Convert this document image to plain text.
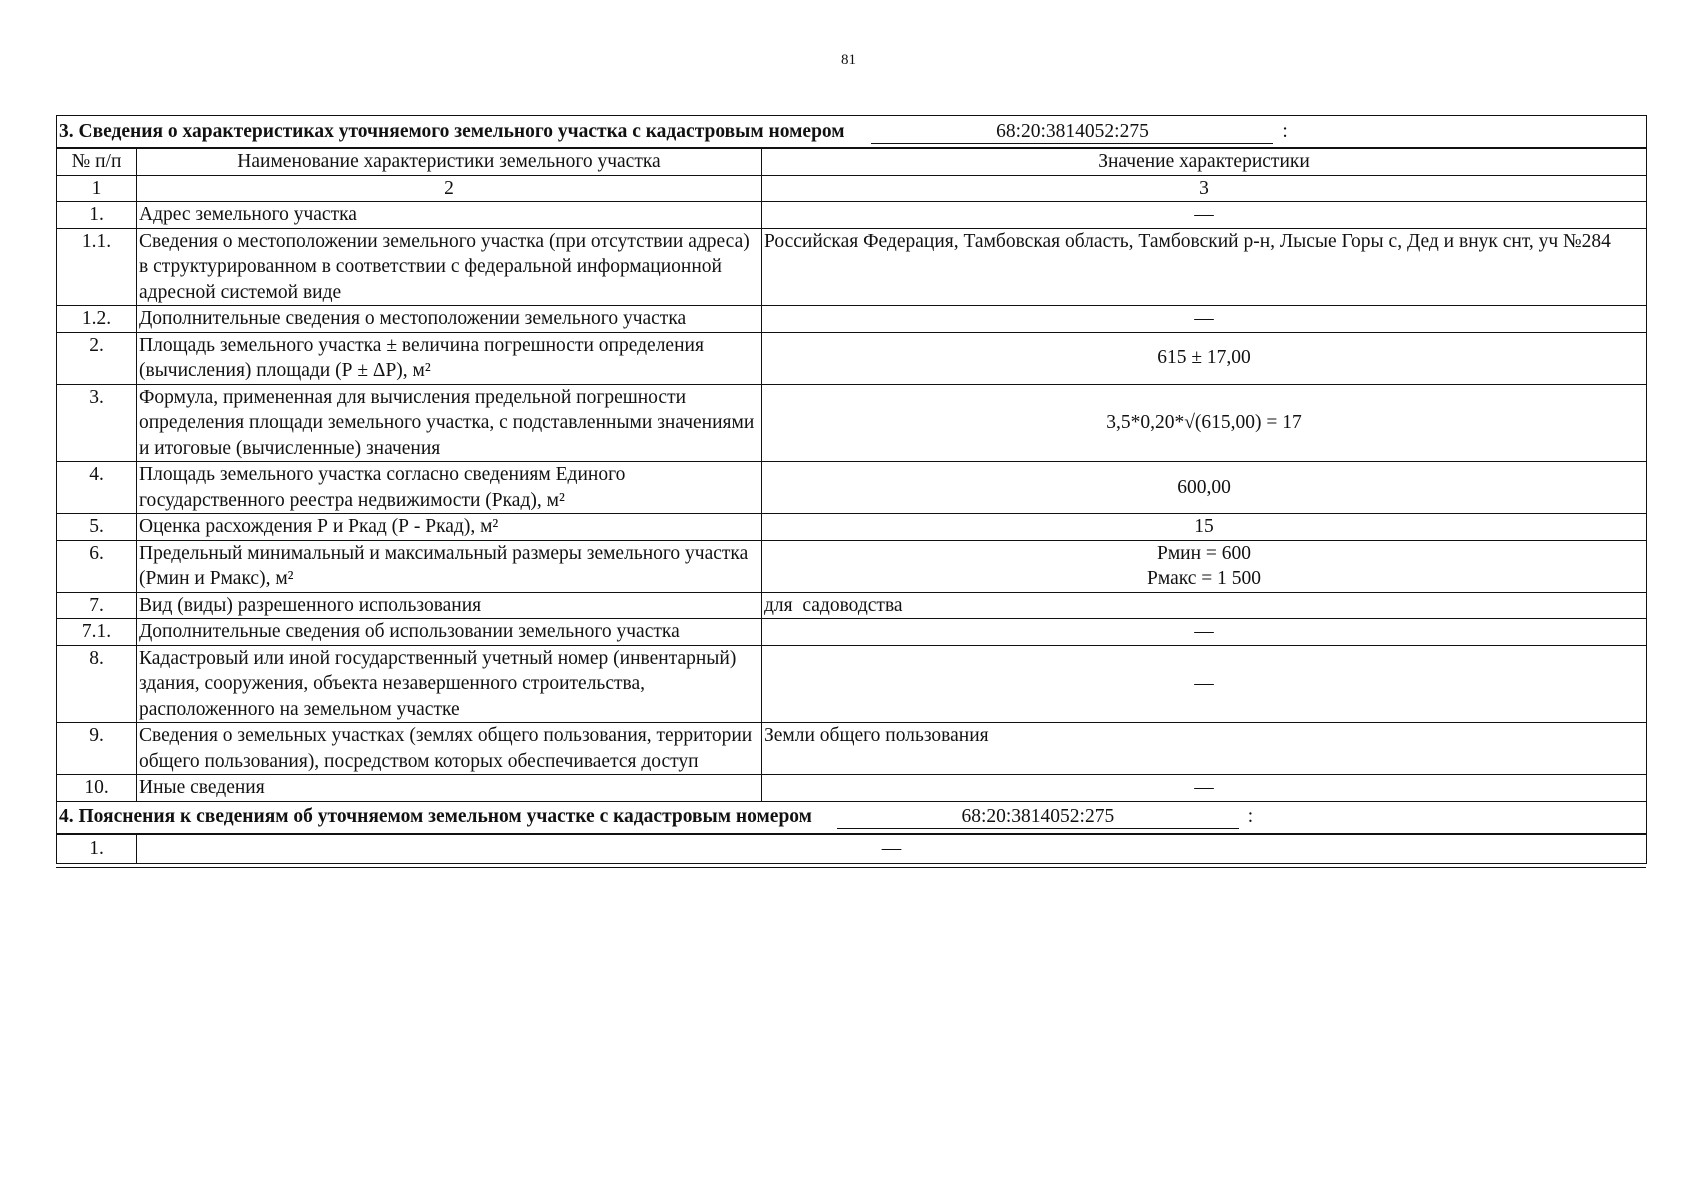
81
3. Сведения о характеристиках уточняемого земельного участка с кадастровым номером 68:20:3814052:275 :		
№ п/п	Наименование характеристики земельного участка	Значение характеристики
1	2	3
1.	Адрес земельного участка	—
1.1.	Сведения о местоположении земельного участка (при отсутствии адреса) в структурированном в соответствии с федеральной информационной адресной системой виде	Российская Федерация, Тамбовская область, Тамбовский р-н, Лысые Горы с, Дед и внук снт, уч №284
1.2.	Дополнительные сведения о местоположении земельного участка	—
2.	Площадь земельного участка ± величина погрешности определения (вычисления) площади (Р ± ΔР), м²	615 ± 17,00
3.	Формула, примененная для вычисления предельной погрешности определения площади земельного участка, с подставленными значениями и итоговые (вычисленные) значения	3,5*0,20*√(615,00) = 17
4.	Площадь земельного участка согласно сведениям Единого государственного реестра недвижимости (Ркад), м²	600,00
5.	Оценка расхождения Р и Ркад (Р - Ркад), м²	15
6.	Предельный минимальный и максимальный размеры земельного участка (Рмин и Рмакс), м²	Рмин = 600
Рмакс = 1 500

7.	Вид (виды) разрешенного использования	для  садоводства
7.1.	Дополнительные сведения об использовании земельного участка	—
8.	Кадастровый или иной государственный учетный номер (инвентарный) здания, сооружения, объекта незавершенного строительства, расположенного на земельном участке	—
9.	Сведения о земельных участках (землях общего пользования, территории общего пользования), посредством которых обеспечивается доступ	Земли общего пользования
10.	Иные сведения	—
4. Пояснения к сведениям об уточняемом земельном участке с кадастровым номером 68:20:3814052:275 :		
1.	—	
